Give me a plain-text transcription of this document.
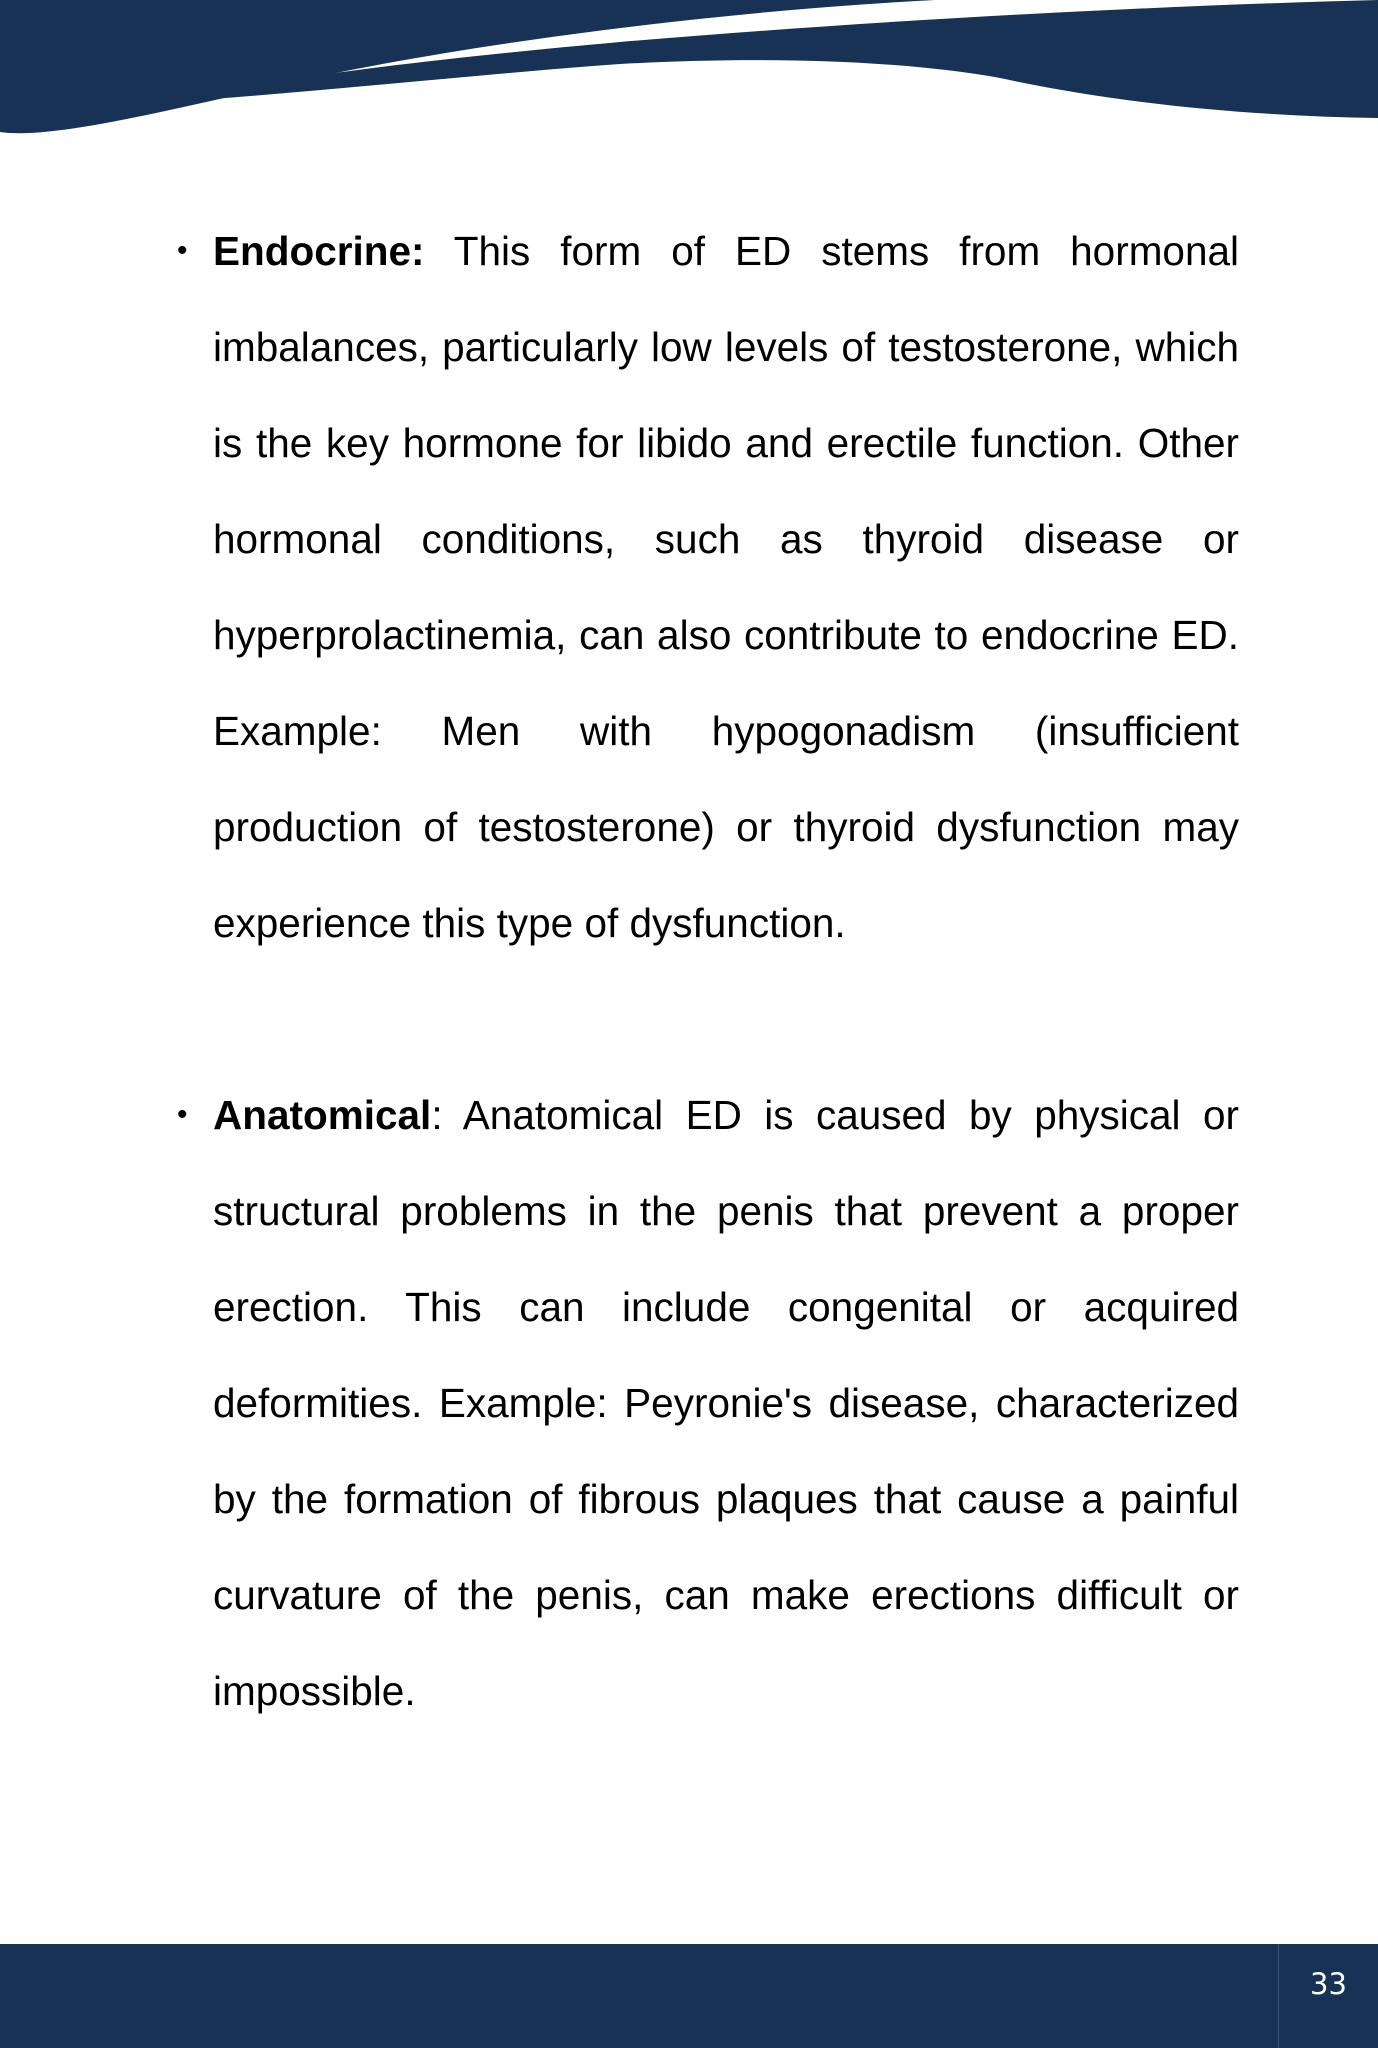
• Endocrine: This form of ED stems from hormonal imbalances, particularly low levels of testosterone, which is the key hormone for libido and erectile function. Other hormonal conditions, such as thyroid disease or hyperprolactinemia, can also contribute to endocrine ED. Example: Men with hypogonadism (insufficient production of testosterone) or thyroid dysfunction may experience this type of dysfunction.

• Anatomical: Anatomical ED is caused by physical or structural problems in the penis that prevent a proper erection. This can include congenital or acquired deformities. Example: Peyronie's disease, characterized by the formation of fibrous plaques that cause a painful curvature of the penis, can make erections difficult or impossible.

33
